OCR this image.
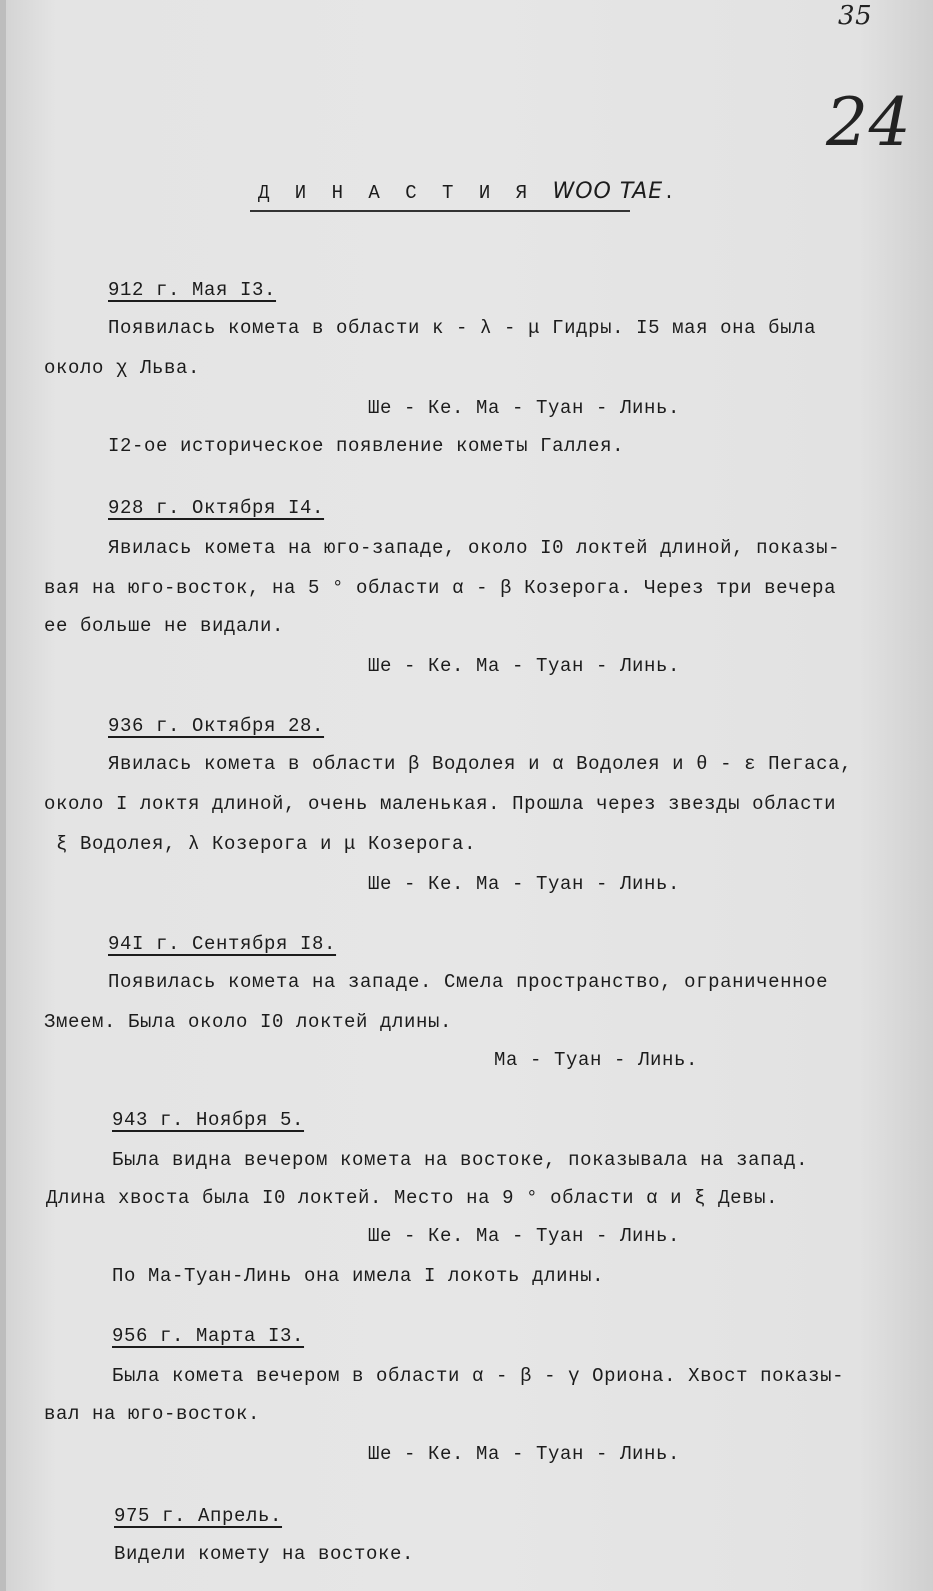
35
24
Д И Н А С Т И Я WOO TAE.
912 г. Мая I3.
Появилась комета в области κ - λ - μ Гидры. I5 мая она была
около χ Льва.
Ше - Ке. Ма - Туан - Линь.
I2-ое историческое появление кометы Галлея.
928 г. Октября I4.
Явилась комета на юго-западе, около I0 локтей длиной, показы-
вая на юго-восток, на 5 ° области α - β Козерога. Через три вечера
ее больше не видали.
Ше - Ке. Ма - Туан - Линь.
936 г. Октября 28.
Явилась комета в области β Водолея и α Водолея и θ - ε Пегаса,
около I локтя длиной, очень маленькая. Прошла через звезды области
ξ Водолея, λ Козерога и μ Козерога.
Ше - Ке. Ма - Туан - Линь.
94I г. Сентября I8.
Появилась комета на западе. Смела пространство, ограниченное
Змеем. Была около I0 локтей длины.
Ма - Туан - Линь.
943 г. Ноября 5.
Была видна вечером комета на востоке, показывала на запад.
Длина хвоста была I0 локтей. Место на 9 ° области α и ξ Девы.
Ше - Ке. Ма - Туан - Линь.
По Ма-Туан-Линь она имела I локоть длины.
956 г. Марта I3.
Была комета вечером в области α - β - γ Ориона. Хвост показы-
вал на юго-восток.
Ше - Ке. Ма - Туан - Линь.
975 г. Апрель.
Видели комету на востоке.
